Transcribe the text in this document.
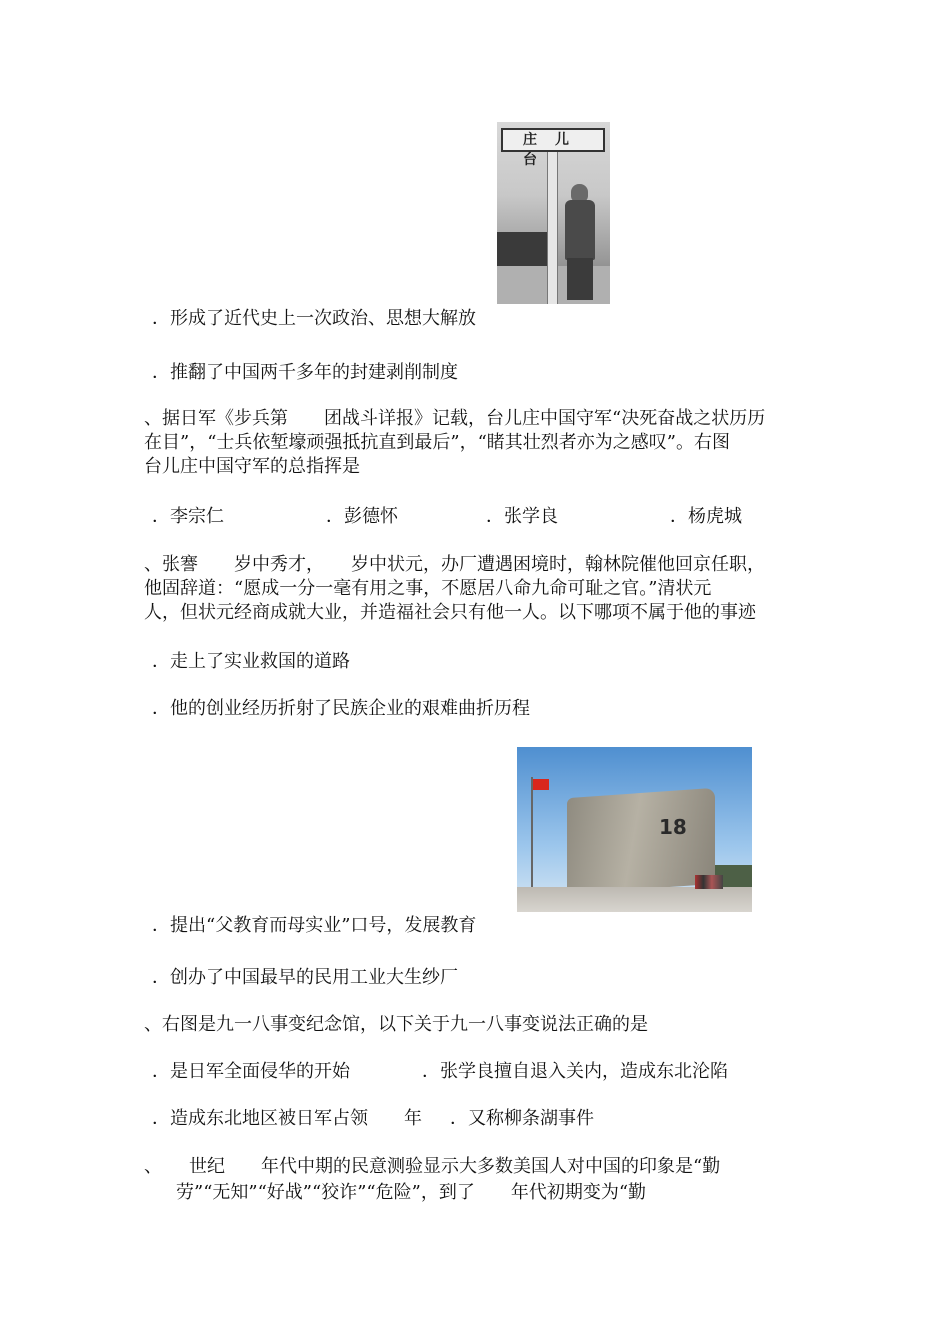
庄儿台
18
．形成了近代史上一次政治、思想大解放
．推翻了中国两千多年的封建剥削制度
、据日军《步兵第　　团战斗详报》记载，台儿庄中国守军“决死奋战之状历历
在目”，“士兵依堑壕顽强抵抗直到最后”，“睹其壮烈者亦为之感叹”。右图
台儿庄中国守军的总指挥是
．李宗仁	．彭德怀	．张学良	．杨虎城
、张謇　　岁中秀才，　　岁中状元，办厂遭遇困境时，翰林院催他回京任职，
他固辞道：“愿成一分一毫有用之事，不愿居八命九命可耻之官。”清状元
人，但状元经商成就大业，并造福社会只有他一人。以下哪项不属于他的事迹
．走上了实业救国的道路
．他的创业经历折射了民族企业的艰难曲折历程
．提出“父教育而母实业”口号，发展教育
．创办了中国最早的民用工业大生纱厂
、右图是九一八事变纪念馆，以下关于九一八事变说法正确的是
．是日军全面侵华的开始	．张学良擅自退入关内，造成东北沦陷
．造成东北地区被日军占领　　年 ．又称柳条湖事件
、　　世纪　　年代中期的民意测验显示大多数美国人对中国的印象是“勤
劳”“无知”“好战”“狡诈”“危险”，到了　　年代初期变为“勤
